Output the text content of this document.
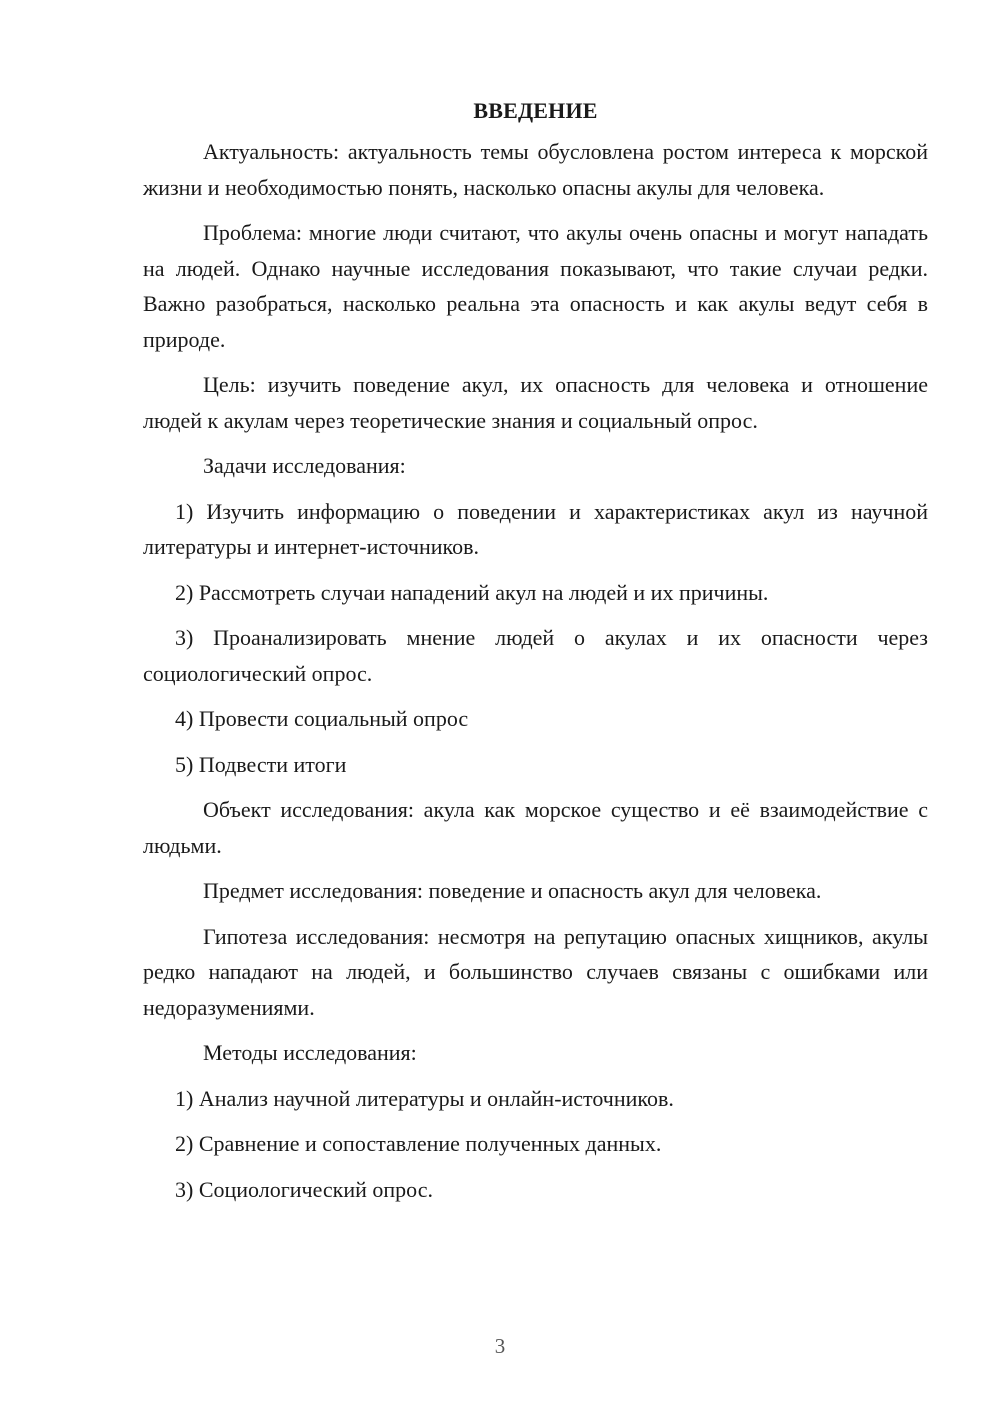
ВВЕДЕНИЕ

Актуальность: актуальность темы обусловлена ростом интереса к морской жизни и необходимостью понять, насколько опасны акулы для человека.

Проблема: многие люди считают, что акулы очень опасны и могут нападать на людей. Однако научные исследования показывают, что такие случаи редки. Важно разобраться, насколько реальна эта опасность и как акулы ведут себя в природе.

Цель: изучить поведение акул, их опасность для человека и отношение людей к акулам через теоретические знания и социальный опрос.

Задачи исследования:

1) Изучить информацию о поведении и характеристиках акул из научной литературы и интернет-источников.

2) Рассмотреть случаи нападений акул на людей и их причины.

3) Проанализировать мнение людей о акулах и их опасности через социологический опрос.

4) Провести социальный опрос

5) Подвести итоги

Объект исследования: акула как морское существо и её взаимодействие с людьми.

Предмет исследования: поведение и опасность акул для человека.

Гипотеза исследования: несмотря на репутацию опасных хищников, акулы редко нападают на людей, и большинство случаев связаны с ошибками или недоразумениями.

Методы исследования:

1) Анализ научной литературы и онлайн-источников.

2) Сравнение и сопоставление полученных данных.

3) Социологический опрос.

3
